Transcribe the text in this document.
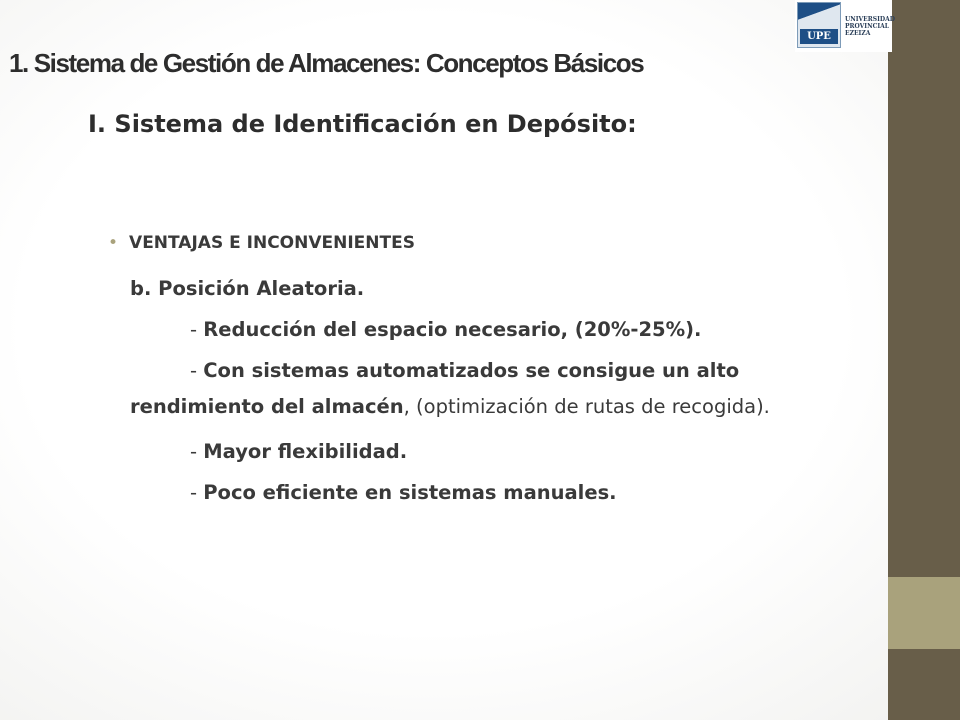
UPE
UNIVERSIDAD
PROVINCIAL
EZEIZA
1. Sistema de Gestión de Almacenes: Conceptos Básicos
I. Sistema de Identificación en Depósito:
• VENTAJAS E INCONVENIENTES
b. Posición Aleatoria.
- Reducción del espacio necesario, (20%-25%).
- Con sistemas automatizados se consigue un alto
rendimiento del almacén, (optimización de rutas de recogida).
- Mayor flexibilidad.
- Poco eficiente en sistemas manuales.
